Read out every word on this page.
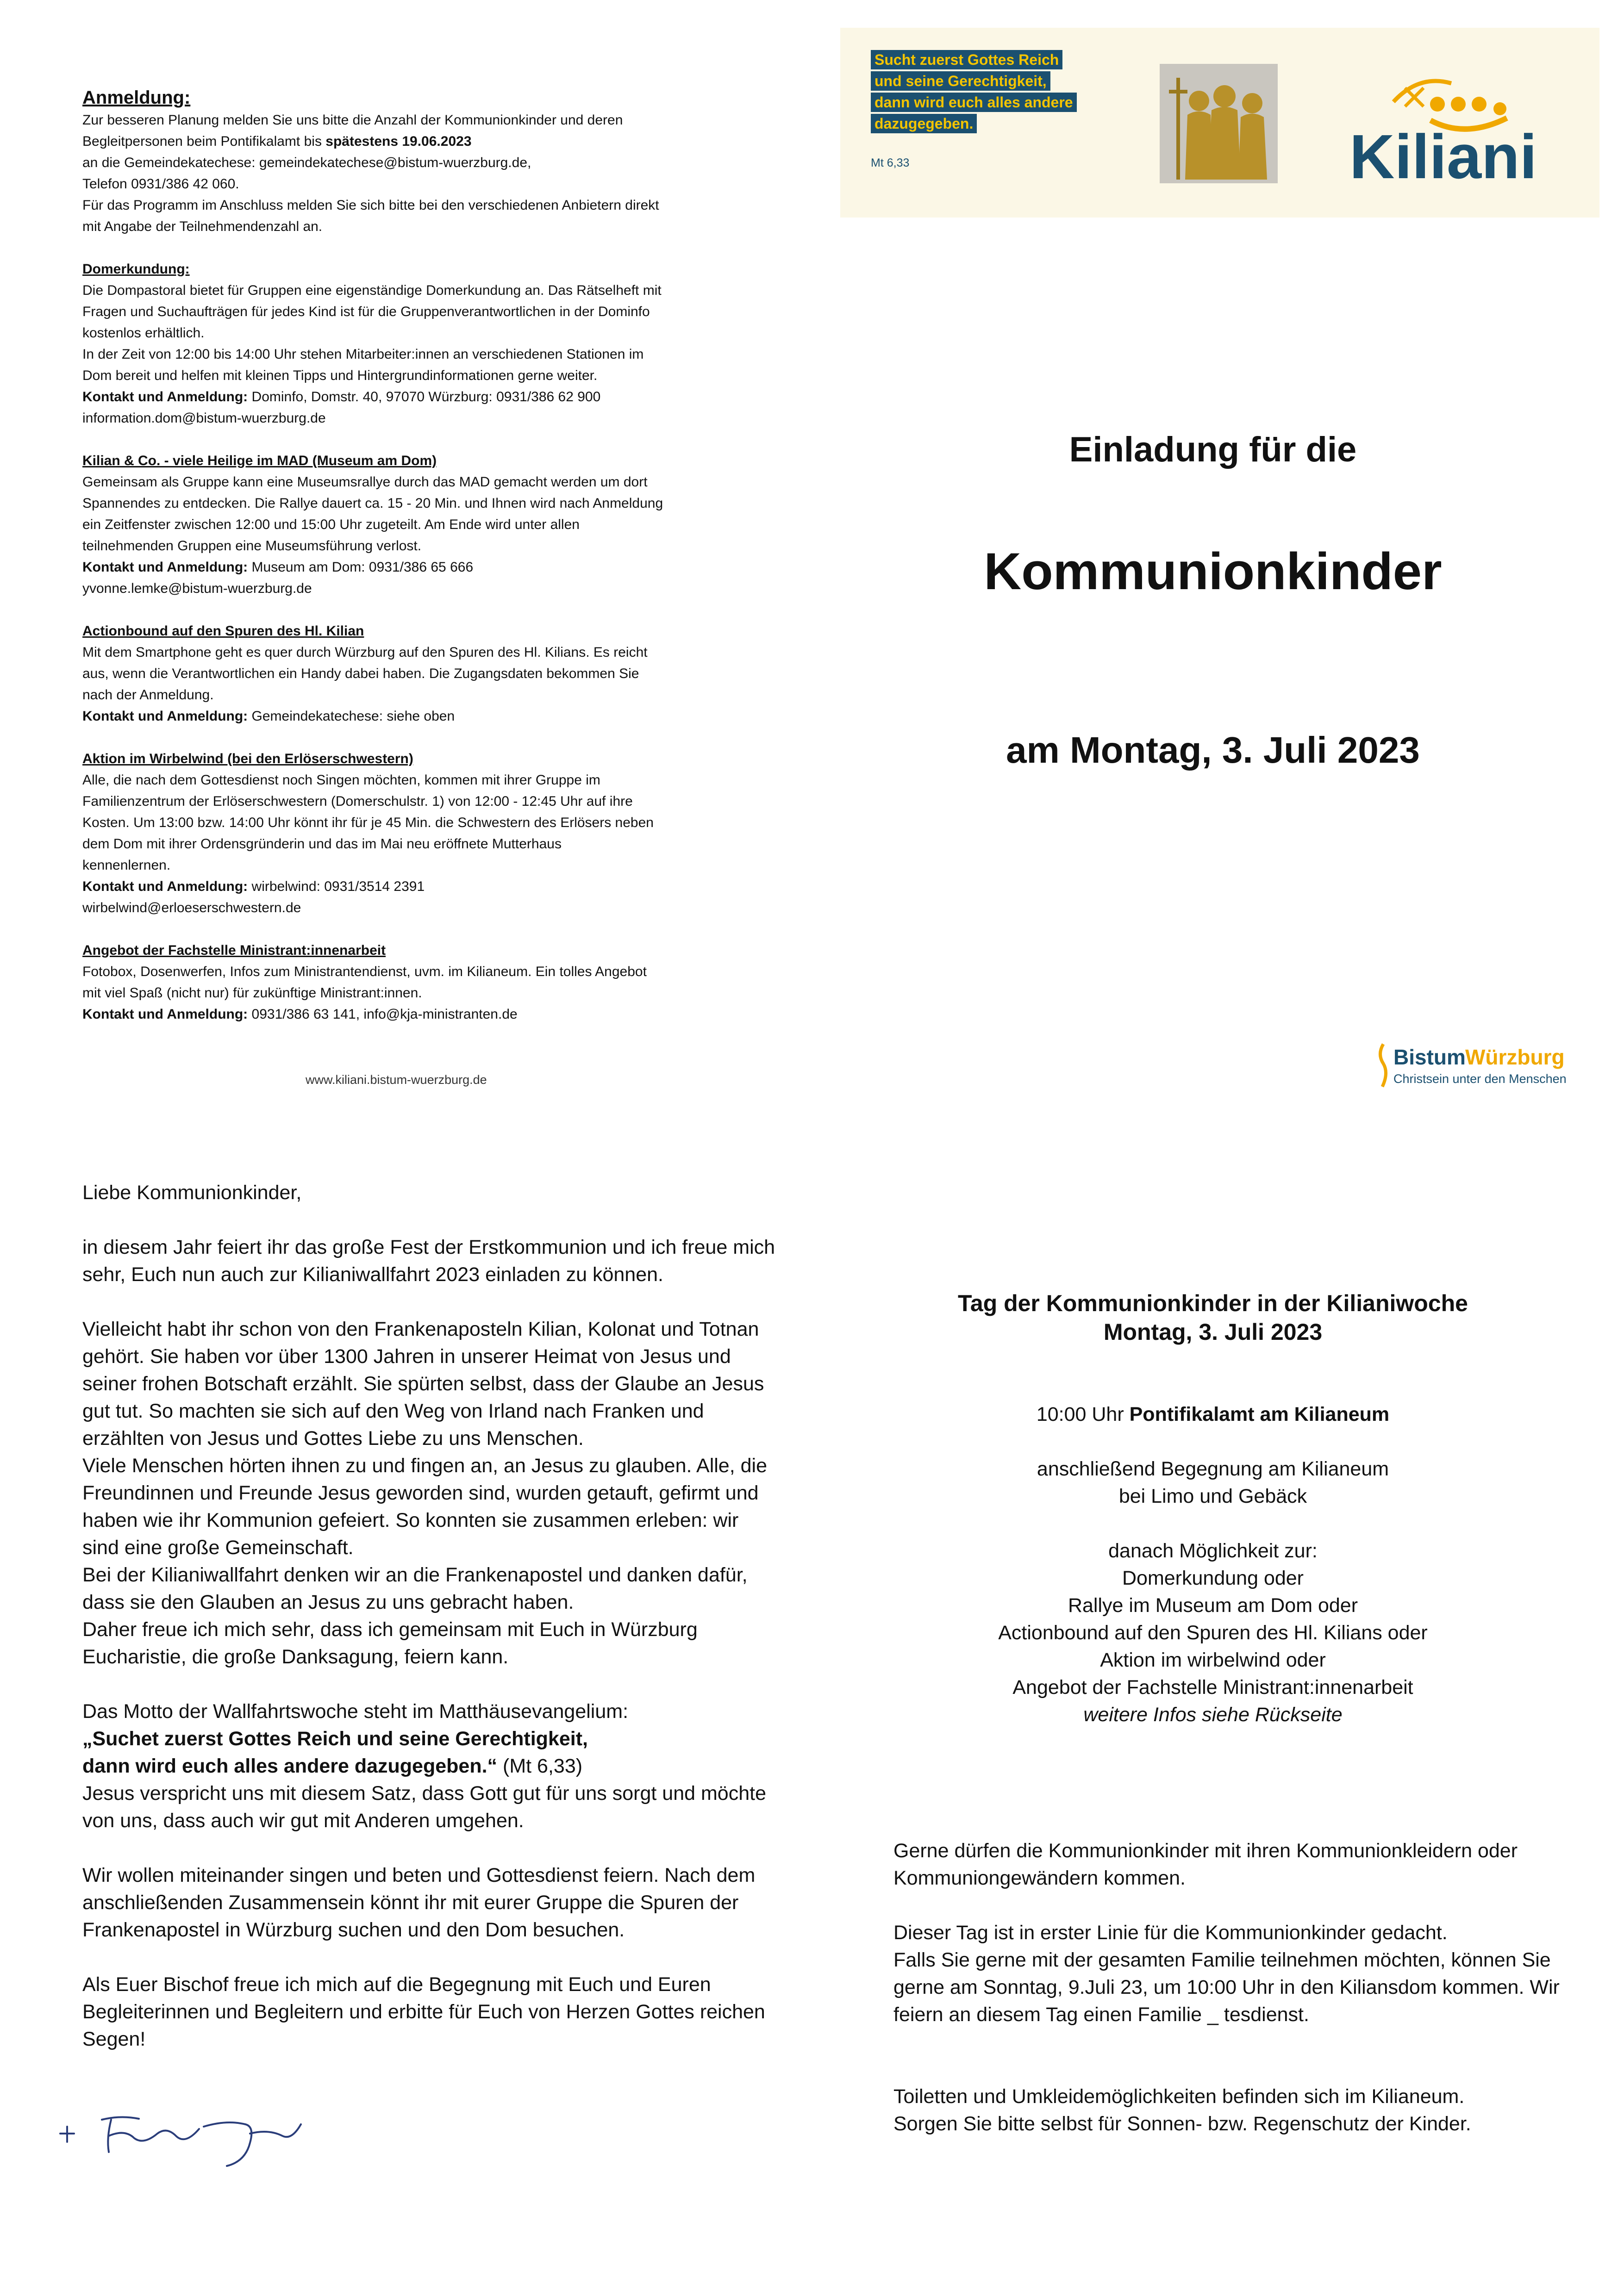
Anmeldung:

Zur besseren Planung melden Sie uns bitte die Anzahl der Kommunionkinder und deren

Begleitpersonen beim Pontifikalamt bis spätestens 19.06.2023

an die Gemeindekatechese: gemeindekatechese@bistum-wuerzburg.de,

Telefon 0931/386 42 060.

Für das Programm im Anschluss melden Sie sich bitte bei den verschiedenen Anbietern direkt

mit Angabe der Teilnehmendenzahl an.

Domerkundung:

Die Dompastoral bietet für Gruppen eine eigenständige Domerkundung an. Das Rätselheft mit

Fragen und Suchaufträgen für jedes Kind ist für die Gruppenverantwortlichen in der Dominfo

kostenlos erhältlich.

In der Zeit von 12:00 bis 14:00 Uhr stehen Mitarbeiter:innen an verschiedenen Stationen im

Dom bereit und helfen mit kleinen Tipps und Hintergrundinformationen gerne weiter.

Kontakt und Anmeldung: Dominfo, Domstr. 40, 97070 Würzburg: 0931/386 62 900

information.dom@bistum-wuerzburg.de

Kilian & Co. - viele Heilige im MAD (Museum am Dom)

Gemeinsam als Gruppe kann eine Museumsrallye durch das MAD gemacht werden um dort

Spannendes zu entdecken. Die Rallye dauert ca. 15 - 20 Min. und Ihnen wird nach Anmeldung

ein Zeitfenster zwischen 12:00 und 15:00 Uhr zugeteilt. Am Ende wird unter allen

teilnehmenden Gruppen eine Museumsführung verlost.

Kontakt und Anmeldung: Museum am Dom: 0931/386 65 666

yvonne.lemke@bistum-wuerzburg.de

Actionbound auf den Spuren des Hl. Kilian

Mit dem Smartphone geht es quer durch Würzburg auf den Spuren des Hl. Kilians. Es reicht

aus, wenn die Verantwortlichen ein Handy dabei haben. Die Zugangsdaten bekommen Sie

nach der Anmeldung.

Kontakt und Anmeldung: Gemeindekatechese: siehe oben

Aktion im Wirbelwind (bei den Erlöserschwestern)

Alle, die nach dem Gottesdienst noch Singen möchten, kommen mit ihrer Gruppe im

Familienzentrum der Erlöserschwestern (Domerschulstr. 1) von 12:00 - 12:45 Uhr auf ihre

Kosten. Um 13:00 bzw. 14:00 Uhr könnt ihr für je 45 Min. die Schwestern des Erlösers neben

dem Dom mit ihrer Ordensgründerin und das im Mai neu eröffnete Mutterhaus

kennenlernen.

Kontakt und Anmeldung: wirbelwind: 0931/3514 2391

wirbelwind@erloeserschwestern.de

Angebot der Fachstelle Ministrant:innenarbeit

Fotobox, Dosenwerfen, Infos zum Ministrantendienst, uvm. im Kilianeum. Ein tolles Angebot

mit viel Spaß (nicht nur) für zukünftige Ministrant:innen.

Kontakt und Anmeldung: 0931/386 63 141, info@kja-ministranten.de

www.kiliani.bistum-wuerzburg.de
Sucht zuerst Gottes Reich
und seine Gerechtigkeit,
dann wird euch alles andere
dazugegeben.
Mt 6,33	Kiliani
Einladung für die
Kommunionkinder
am Montag, 3. Juli 2023
Bistum Würzburg
Christsein unter den Menschen

Liebe Kommunionkinder,

in diesem Jahr feiert ihr das große Fest der Erstkommunion und ich freue mich sehr, Euch nun auch zur Kilianiwallfahrt 2023 einladen zu können.

Vielleicht habt ihr schon von den Frankenaposteln Kilian, Kolonat und Totnan gehört. Sie haben vor über 1300 Jahren in unserer Heimat von Jesus und seiner frohen Botschaft erzählt. Sie spürten selbst, dass der Glaube an Jesus gut tut. So machten sie sich auf den Weg von Irland nach Franken und erzählten von Jesus und Gottes Liebe zu uns Menschen.

Viele Menschen hörten ihnen zu und fingen an, an Jesus zu glauben. Alle, die Freundinnen und Freunde Jesus geworden sind, wurden getauft, gefirmt und haben wie ihr Kommunion gefeiert. So konnten sie zusammen erleben: wir sind eine große Gemeinschaft.

Bei der Kilianiwallfahrt denken wir an die Frankenapostel und danken dafür, dass sie den Glauben an Jesus zu uns gebracht haben.

Daher freue ich mich sehr, dass ich gemeinsam mit Euch in Würzburg Eucharistie, die große Danksagung, feiern kann.

Das Motto der Wallfahrtswoche steht im Matthäusevangelium:

„Suchet zuerst Gottes Reich und seine Gerechtigkeit,

dann wird euch alles andere dazugegeben.“ (Mt 6,33)

Jesus verspricht uns mit diesem Satz, dass Gott gut für uns sorgt und möchte von uns, dass auch wir gut mit Anderen umgehen.

Wir wollen miteinander singen und beten und Gottesdienst feiern. Nach dem anschließenden Zusammensein könnt ihr mit eurer Gruppe die Spuren der Frankenapostel in Würzburg suchen und den Dom besuchen.

Als Euer Bischof freue ich mich auf die Begegnung mit Euch und Euren Begleiterinnen und Begleitern und erbitte für Euch von Herzen Gottes reichen Segen!

Tag der Kommunionkinder in der Kilianiwoche

Montag, 3. Juli 2023

10:00 Uhr Pontifikalamt am Kilianeum

anschließend Begegnung am Kilianeum

bei Limo und Gebäck

danach Möglichkeit zur:

Domerkundung oder

Rallye im Museum am Dom oder

Actionbound auf den Spuren des Hl. Kilians oder

Aktion im wirbelwind oder

Angebot der Fachstelle Ministrant:innenarbeit

weitere Infos siehe Rückseite

Gerne dürfen die Kommunionkinder mit ihren Kommunionkleidern oder Kommuniongewändern kommen.

Dieser Tag ist in erster Linie für die Kommunionkinder gedacht.

Falls Sie gerne mit der gesamten Familie teilnehmen möchten, können Sie gerne am Sonntag, 9.Juli 23, um 10:00 Uhr in den Kiliansdom kommen. Wir feiern an diesem Tag einen Familie _ tesdienst.

Toiletten und Umkleidemöglichkeiten befinden sich im Kilianeum.

Sorgen Sie bitte selbst für Sonnen- bzw. Regenschutz der Kinder.
